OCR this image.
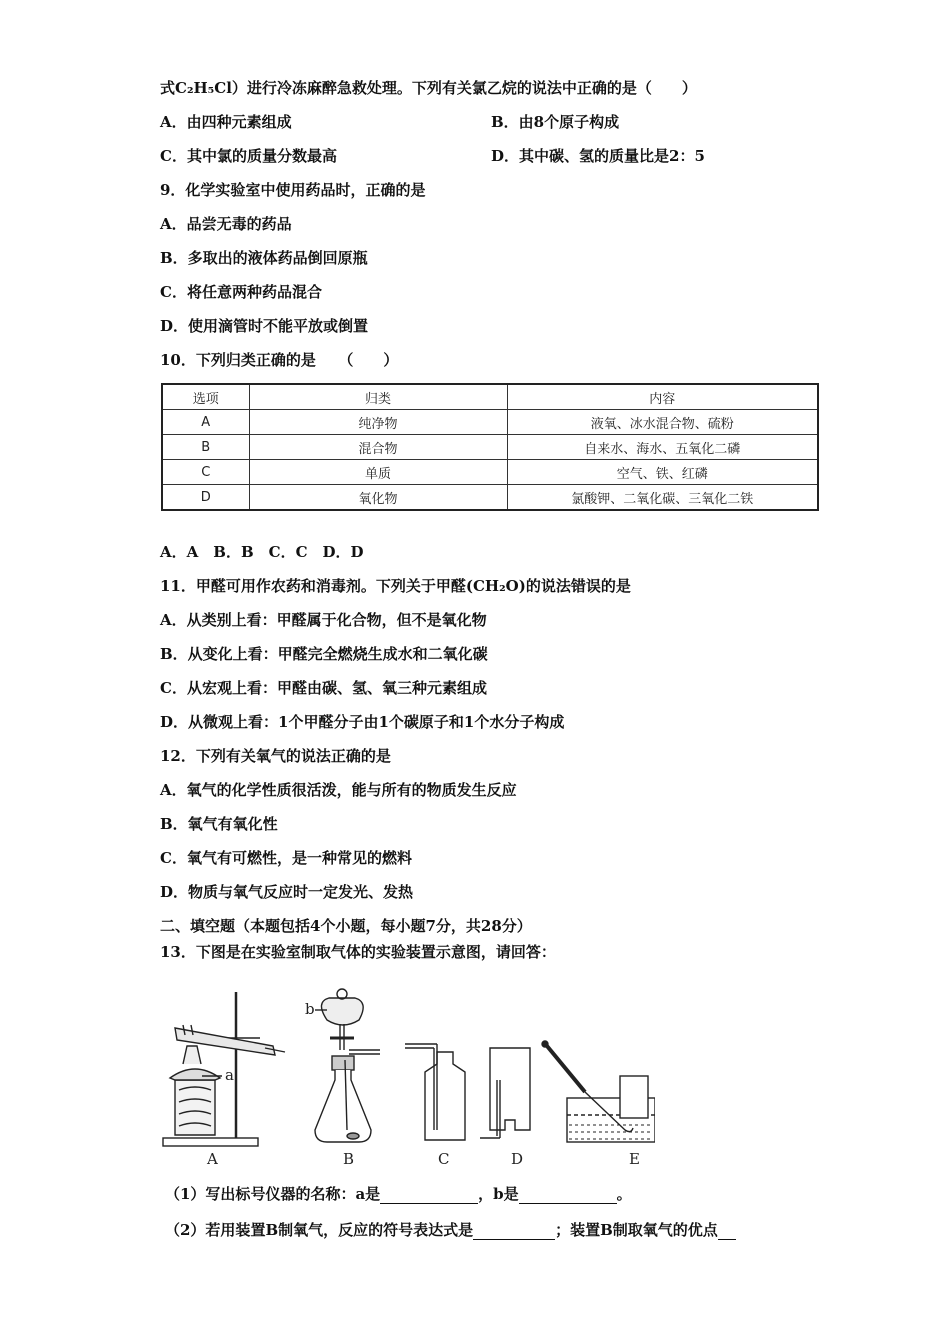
式C₂H₅Cl）进行冷冻麻醉急救处理。下列有关氯乙烷的说法中正确的是（　　）
A．由四种元素组成	B．由8个原子构成
C．其中氯的质量分数最高	D．其中碳、氢的质量比是2：5
9．化学实验室中使用药品时，正确的是
A．品尝无毒的药品
B．多取出的液体药品倒回原瓶
C．将任意两种药品混合
D．使用滴管时不能平放或倒置
10．下列归类正确的是　　（　　）
选项	归类	内容
A	纯净物	液氧、冰水混合物、硫粉
B	混合物	自来水、海水、五氧化二磷
C	单质	空气、铁、红磷
D	氧化物	氯酸钾、二氧化碳、三氧化二铁
A．A　B．B　C．C　D．D
11．甲醛可用作农药和消毒剂。下列关于甲醛(CH₂O)的说法错误的是
A．从类别上看：甲醛属于化合物，但不是氧化物
B．从变化上看：甲醛完全燃烧生成水和二氧化碳
C．从宏观上看：甲醛由碳、氢、氧三种元素组成
D．从微观上看：1个甲醛分子由1个碳原子和1个水分子构成
12．下列有关氧气的说法正确的是
A．氧气的化学性质很活泼，能与所有的物质发生反应
B．氧气有氧化性
C．氧气有可燃性，是一种常见的燃料
D．物质与氧气反应时一定发光、发热
二、填空题（本题包括4个小题，每小题7分，共28分）
13．下图是在实验室制取气体的实验装置示意图，请回答：
a
b
A	B	C	D	E
（1）写出标号仪器的名称：a是	，b是	。
（2）若用装置B制氧气，反应的符号表达式是	；装置B制取氧气的优点
